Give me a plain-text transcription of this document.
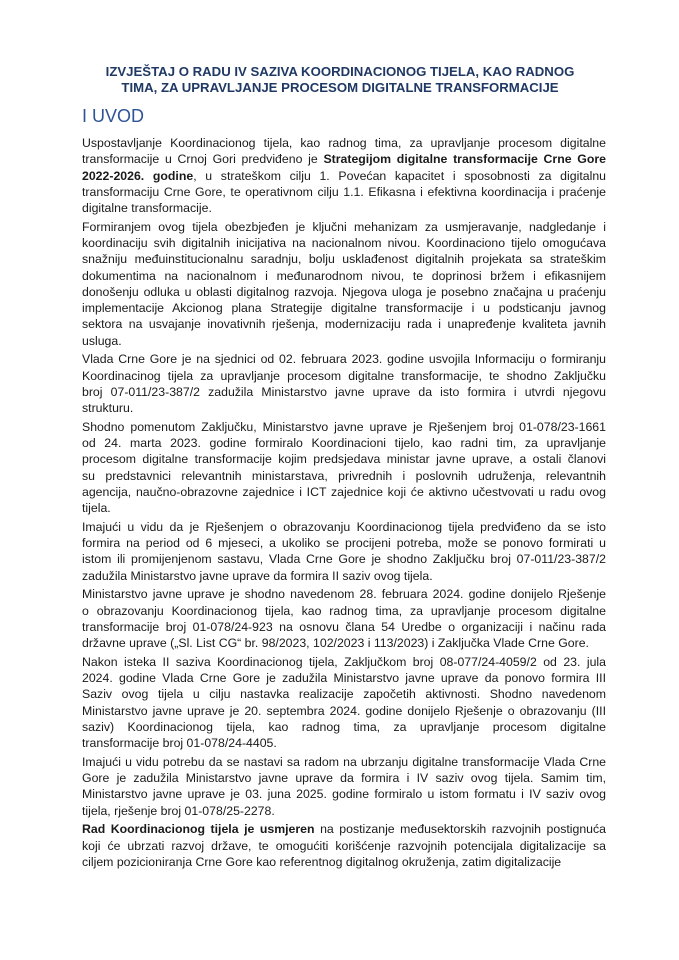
IZVJEŠTAJ O RADU IV SAZIVA KOORDINACIONOG TIJELA, KAO RADNOG
TIMA, ZA UPRAVLJANJE PROCESOM DIGITALNE TRANSFORMACIJE
I UVOD
Uspostavljanje Koordinacionog tijela, kao radnog tima, za upravljanje procesom digitalne
transformacije u Crnoj Gori predviđeno je Strategijom digitalne transformacije Crne Gore
2022-2026. godine, u strateškom cilju 1. Povećan kapacitet i sposobnosti za digitalnu
transformaciju Crne Gore, te operativnom cilju 1.1. Efikasna i efektivna koordinacija i praćenje
digitalne transformacije.
Formiranjem ovog tijela obezbjeđen je ključni mehanizam za usmjeravanje, nadgledanje i
koordinaciju svih digitalnih inicijativa na nacionalnom nivou. Koordinaciono tijelo omogućava
snažniju međuinstitucionalnu saradnju, bolju usklađenost digitalnih projekata sa strateškim
dokumentima na nacionalnom i međunarodnom nivou, te doprinosi bržem i efikasnijem
donošenju odluka u oblasti digitalnog razvoja. Njegova uloga je posebno značajna u praćenju
implementacije Akcionog plana Strategije digitalne transformacije i u podsticanju javnog
sektora na usvajanje inovativnih rješenja, modernizaciju rada i unapređenje kvaliteta javnih
usluga.
Vlada Crne Gore je na sjednici od 02. februara 2023. godine usvojila Informaciju o formiranju
Koordinacinog tijela za upravljanje procesom digitalne transformacije, te shodno Zaključku
broj 07-011/23-387/2 zadužila Ministarstvo javne uprave da isto formira i utvrdi njegovu
strukturu.
Shodno pomenutom Zaključku, Ministarstvo javne uprave je Rješenjem broj 01-078/23-1661
od 24. marta 2023. godine formiralo Koordinacioni tijelo, kao radni tim, za upravljanje
procesom digitalne transformacije kojim predsjedava ministar javne uprave, a ostali članovi
su predstavnici relevantnih ministarstava, privrednih i poslovnih udruženja, relevantnih
agencija, naučno-obrazovne zajednice i ICT zajednice koji će aktivno učestvovati u radu ovog
tijela.
Imajući u vidu da je Rješenjem o obrazovanju Koordinacionog tijela predviđeno da se isto
formira na period od 6 mjeseci, a ukoliko se procijeni potreba, može se ponovo formirati u
istom ili promijenjenom sastavu, Vlada Crne Gore je shodno Zaključku broj 07-011/23-387/2
zadužila Ministarstvo javne uprave da formira II saziv ovog tijela.
Ministarstvo javne uprave je shodno navedenom 28. februara 2024. godine donijelo Rješenje
o obrazovanju Koordinacionog tijela, kao radnog tima, za upravljanje procesom digitalne
transformacije broj 01-078/24-923 na osnovu člana 54 Uredbe o organizaciji i načinu rada
državne uprave („Sl. List CG“ br. 98/2023, 102/2023 i 113/2023) i Zaključka Vlade Crne Gore.
Nakon isteka II saziva Koordinacionog tijela, Zaključkom broj 08-077/24-4059/2 od 23. jula
2024. godine Vlada Crne Gore je zadužila Ministarstvo javne uprave da ponovo formira III
Saziv ovog tijela u cilju nastavka realizacije započetih aktivnosti. Shodno navedenom
Ministarstvo javne uprave je 20. septembra 2024. godine donijelo Rješenje o obrazovanju (III
saziv) Koordinacionog tijela, kao radnog tima, za upravljanje procesom digitalne
transformacije broj 01-078/24-4405.
Imajući u vidu potrebu da se nastavi sa radom na ubrzanju digitalne transformacije Vlada Crne
Gore je zadužila Ministarstvo javne uprave da formira i IV saziv ovog tijela. Samim tim,
Ministarstvo javne uprave je 03. juna 2025. godine formiralo u istom formatu i IV saziv ovog
tijela, rješenje broj 01-078/25-2278.
Rad Koordinacionog tijela je usmjeren na postizanje međusektorskih razvojnih postignuća
koji će ubrzati razvoj države, te omogućiti korišćenje razvojnih potencijala digitalizacije sa
ciljem pozicioniranja Crne Gore kao referentnog digitalnog okruženja, zatim digitalizacije
